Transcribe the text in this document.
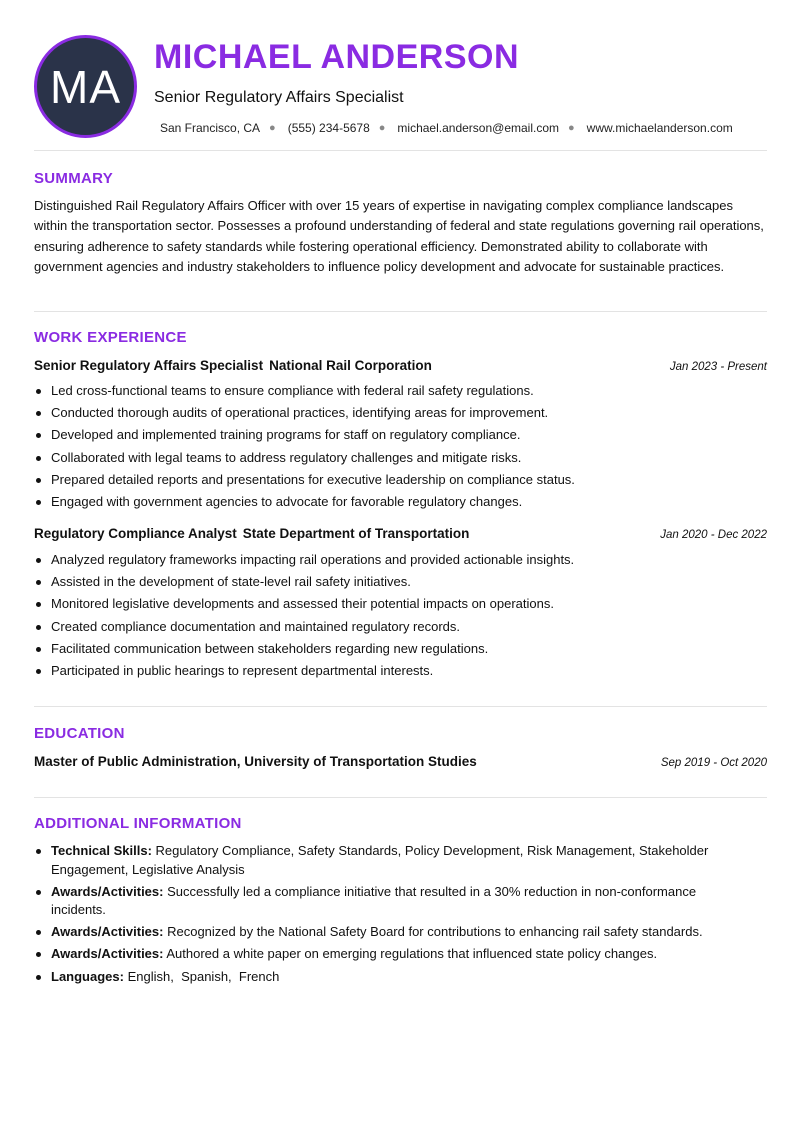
MA
MICHAEL ANDERSON
Senior Regulatory Affairs Specialist
San Francisco, CA ● (555) 234-5678 ● michael.anderson@email.com ● www.michaelanderson.com
SUMMARY
Distinguished Rail Regulatory Affairs Officer with over 15 years of expertise in navigating complex compliance landscapes within the transportation sector. Possesses a profound understanding of federal and state regulations governing rail operations, ensuring adherence to safety standards while fostering operational efficiency. Demonstrated ability to collaborate with government agencies and industry stakeholders to influence policy development and advocate for sustainable practices.
WORK EXPERIENCE
Senior Regulatory Affairs Specialist National Rail Corporation	Jan 2023 - Present
Led cross-functional teams to ensure compliance with federal rail safety regulations.
Conducted thorough audits of operational practices, identifying areas for improvement.
Developed and implemented training programs for staff on regulatory compliance.
Collaborated with legal teams to address regulatory challenges and mitigate risks.
Prepared detailed reports and presentations for executive leadership on compliance status.
Engaged with government agencies to advocate for favorable regulatory changes.
Regulatory Compliance Analyst State Department of Transportation	Jan 2020 - Dec 2022
Analyzed regulatory frameworks impacting rail operations and provided actionable insights.
Assisted in the development of state-level rail safety initiatives.
Monitored legislative developments and assessed their potential impacts on operations.
Created compliance documentation and maintained regulatory records.
Facilitated communication between stakeholders regarding new regulations.
Participated in public hearings to represent departmental interests.
EDUCATION
Master of Public Administration, University of Transportation Studies	Sep 2019 - Oct 2020
ADDITIONAL INFORMATION
Technical Skills: Regulatory Compliance, Safety Standards, Policy Development, Risk Management, Stakeholder Engagement, Legislative Analysis
Awards/Activities: Successfully led a compliance initiative that resulted in a 30% reduction in non-conformance incidents.
Awards/Activities: Recognized by the National Safety Board for contributions to enhancing rail safety standards.
Awards/Activities: Authored a white paper on emerging regulations that influenced state policy changes.
Languages: English,  Spanish,  French
